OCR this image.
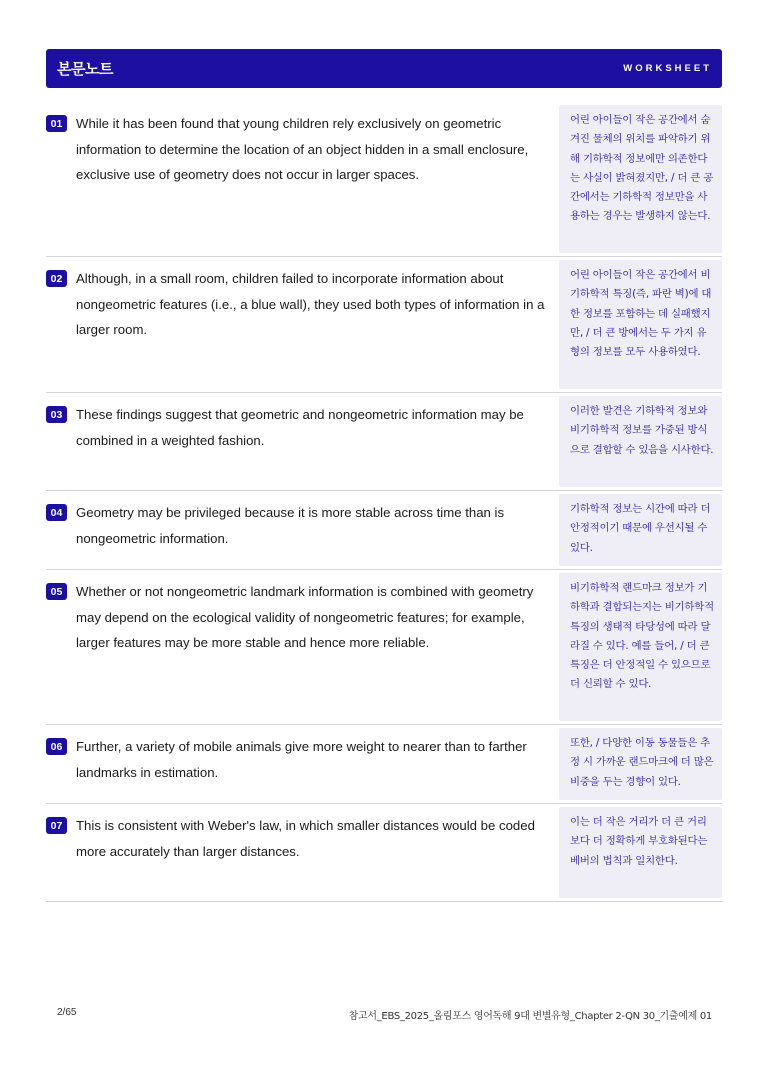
본문노트	WORKSHEET
01	While it has been found that young children rely exclusively on geometric information to determine the location of an object hidden in a small enclosure, exclusive use of geometry does not occur in larger spaces.
어린 아이들이 작은 공간에서 숨겨진 물체의 위치를 파악하기 위해 기하학적 정보에만 의존한다는 사실이 밝혀졌지만, / 더 큰 공간에서는 기하학적 정보만을 사용하는 경우는 발생하지 않는다.
02	Although, in a small room, children failed to incorporate information about nongeometric features (i.e., a blue wall), they used both types of information in a larger room.
어린 아이들이 작은 공간에서 비기하학적 특징(즉, 파란 벽)에 대한 정보를 포함하는 데 실패했지만, / 더 큰 방에서는 두 가지 유형의 정보를 모두 사용하였다.
03	These findings suggest that geometric and nongeometric information may be combined in a weighted fashion.
이러한 발견은 기하학적 정보와 비기하학적 정보를 가중된 방식으로 결합할 수 있음을 시사한다.
04	Geometry may be privileged because it is more stable across time than is nongeometric information.
기하학적 정보는 시간에 따라 더 안정적이기 때문에 우선시될 수 있다.
05	Whether or not nongeometric landmark information is combined with geometry may depend on the ecological validity of nongeometric features; for example, larger features may be more stable and hence more reliable.
비기하학적 랜드마크 정보가 기하학과 결합되는지는 비기하학적 특징의 생태적 타당성에 따라 달라질 수 있다. 예를 들어, / 더 큰 특징은 더 안정적일 수 있으므로 더 신뢰할 수 있다.
06	Further, a variety of mobile animals give more weight to nearer than to farther landmarks in estimation.
또한, / 다양한 이동 동물들은 추정 시 가까운 랜드마크에 더 많은 비중을 두는 경향이 있다.
07	This is consistent with Weber's law, in which smaller distances would be coded more accurately than larger distances.
이는 더 작은 거리가 더 큰 거리보다 더 정확하게 부호화된다는 베버의 법칙과 일치한다.
2/65	참고서_EBS_2025_올림포스 영어독해 9대 변별유형_Chapter 2-QN 30_기출예제 01
